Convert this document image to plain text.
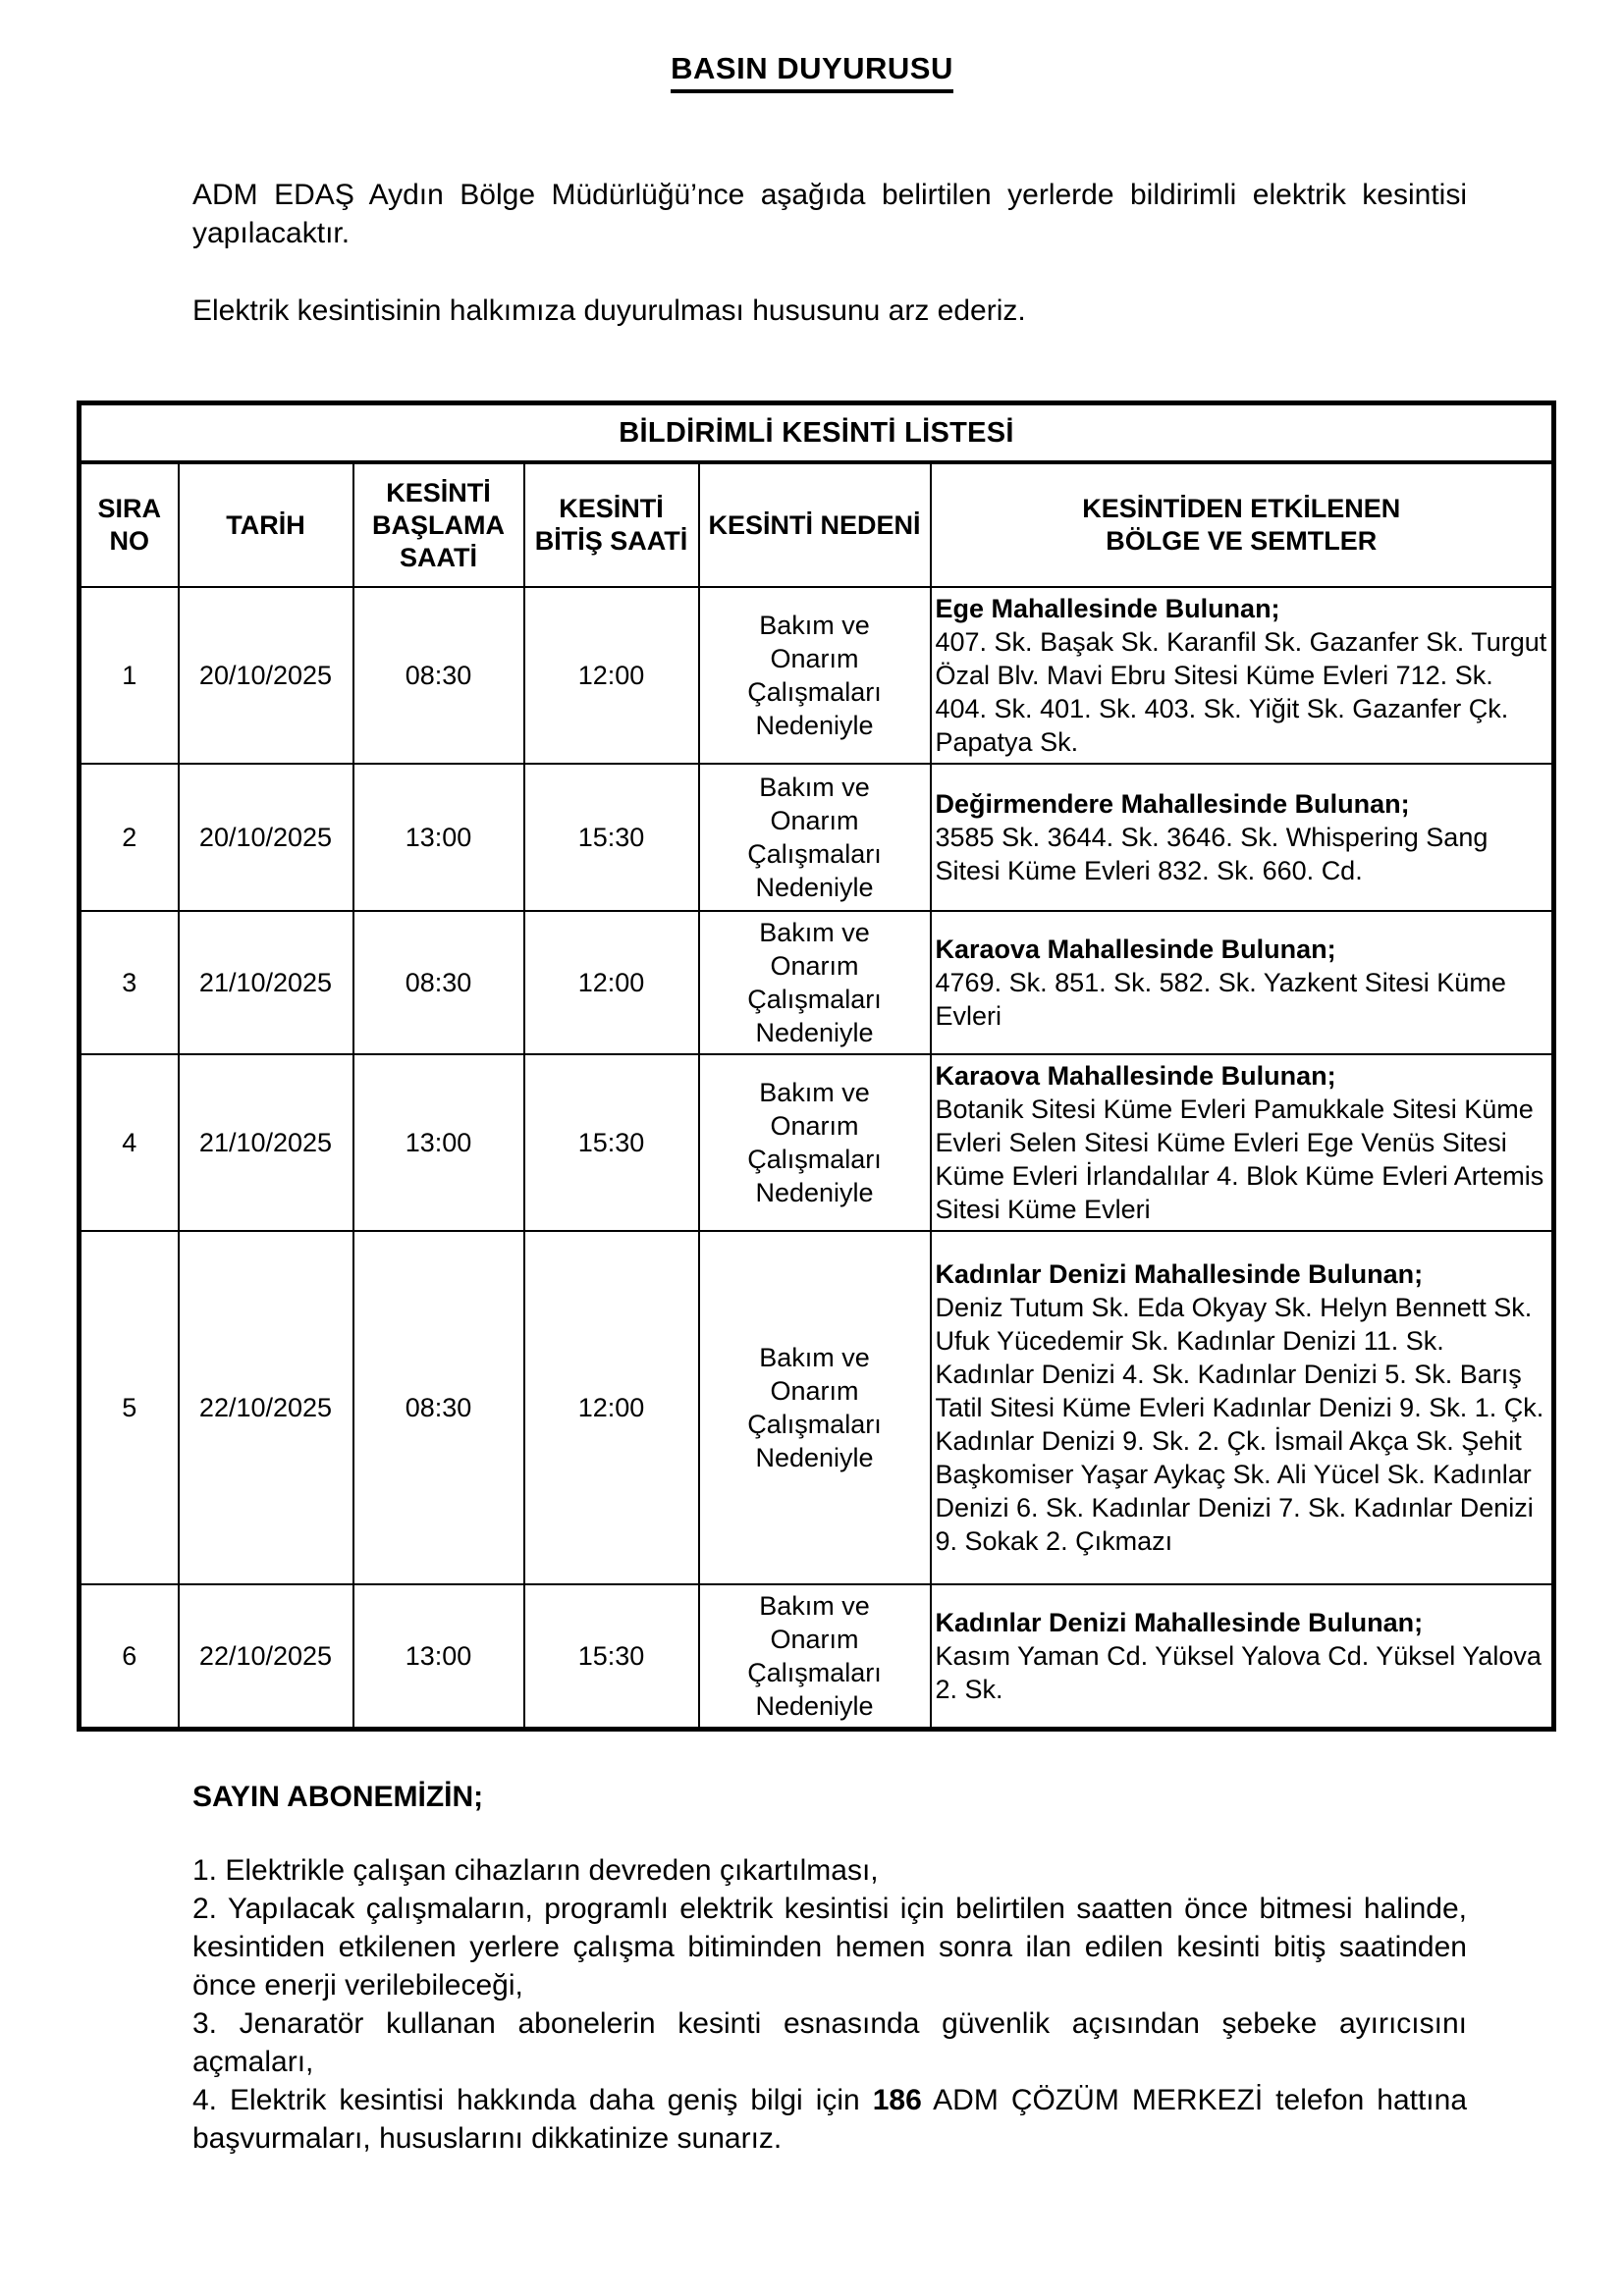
BASIN DUYURUSU

ADM EDAŞ Aydın Bölge Müdürlüğü’nce aşağıda belirtilen yerlerde bildirimli elektrik kesintisi yapılacaktır.

Elektrik kesintisinin halkımıza duyurulması hususunu arz ederiz.

BİLDİRİMLİ KESİNTİ LİSTESİ					
SIRA NO	TARİH	KESİNTİ BAŞLAMA SAATİ	KESİNTİ BİTİŞ SAATİ	KESİNTİ NEDENİ	KESİNTİDEN ETKİLENEN BÖLGE VE SEMTLER
1	20/10/2025	08:30	12:00	Bakım ve Onarım Çalışmaları Nedeniyle	Ege Mahallesinde Bulunan;
407. Sk. Başak Sk. Karanfil Sk. Gazanfer Sk. Turgut Özal Blv. Mavi Ebru Sitesi Küme Evleri 712. Sk. 404. Sk. 401. Sk. 403. Sk. Yiğit Sk. Gazanfer Çk. Papatya Sk.
2	20/10/2025	13:00	15:30	Bakım ve Onarım Çalışmaları Nedeniyle	Değirmendere Mahallesinde Bulunan;
3585 Sk. 3644. Sk. 3646. Sk. Whispering Sang Sitesi Küme Evleri 832. Sk. 660. Cd.
3	21/10/2025	08:30	12:00	Bakım ve Onarım Çalışmaları Nedeniyle	Karaova Mahallesinde Bulunan;
4769. Sk. 851. Sk. 582. Sk. Yazkent Sitesi Küme Evleri
4	21/10/2025	13:00	15:30	Bakım ve Onarım Çalışmaları Nedeniyle	Karaova Mahallesinde Bulunan;
Botanik Sitesi Küme Evleri Pamukkale Sitesi Küme Evleri Selen Sitesi Küme Evleri Ege Venüs Sitesi Küme Evleri İrlandalılar 4. Blok Küme Evleri Artemis Sitesi Küme Evleri
5	22/10/2025	08:30	12:00	Bakım ve Onarım Çalışmaları Nedeniyle	Kadınlar Denizi Mahallesinde Bulunan;
Deniz Tutum Sk. Eda Okyay Sk. Helyn Bennett Sk. Ufuk Yücedemir Sk. Kadınlar Denizi 11. Sk. Kadınlar Denizi 4. Sk. Kadınlar Denizi 5. Sk. Barış Tatil Sitesi Küme Evleri Kadınlar Denizi 9. Sk. 1. Çk. Kadınlar Denizi 9. Sk. 2. Çk. İsmail Akça Sk. Şehit Başkomiser Yaşar Aykaç Sk. Ali Yücel Sk. Kadınlar Denizi 6. Sk. Kadınlar Denizi 7. Sk. Kadınlar Denizi 9. Sokak 2. Çıkmazı
6	22/10/2025	13:00	15:30	Bakım ve Onarım Çalışmaları Nedeniyle	Kadınlar Denizi Mahallesinde Bulunan;
Kasım Yaman Cd. Yüksel Yalova Cd. Yüksel Yalova 2. Sk.
SAYIN ABONEMİZİN;

1. Elektrikle çalışan cihazların devreden çıkartılması,

2. Yapılacak çalışmaların, programlı elektrik kesintisi için belirtilen saatten önce bitmesi halinde, kesintiden etkilenen yerlere çalışma bitiminden hemen sonra ilan edilen kesinti bitiş saatinden önce enerji verilebileceği,

3. Jenaratör kullanan abonelerin kesinti esnasında güvenlik açısından şebeke ayırıcısını açmaları,

4. Elektrik kesintisi hakkında daha geniş bilgi için 186 ADM ÇÖZÜM MERKEZİ telefon hattına başvurmaları, hususlarını dikkatinize sunarız.
